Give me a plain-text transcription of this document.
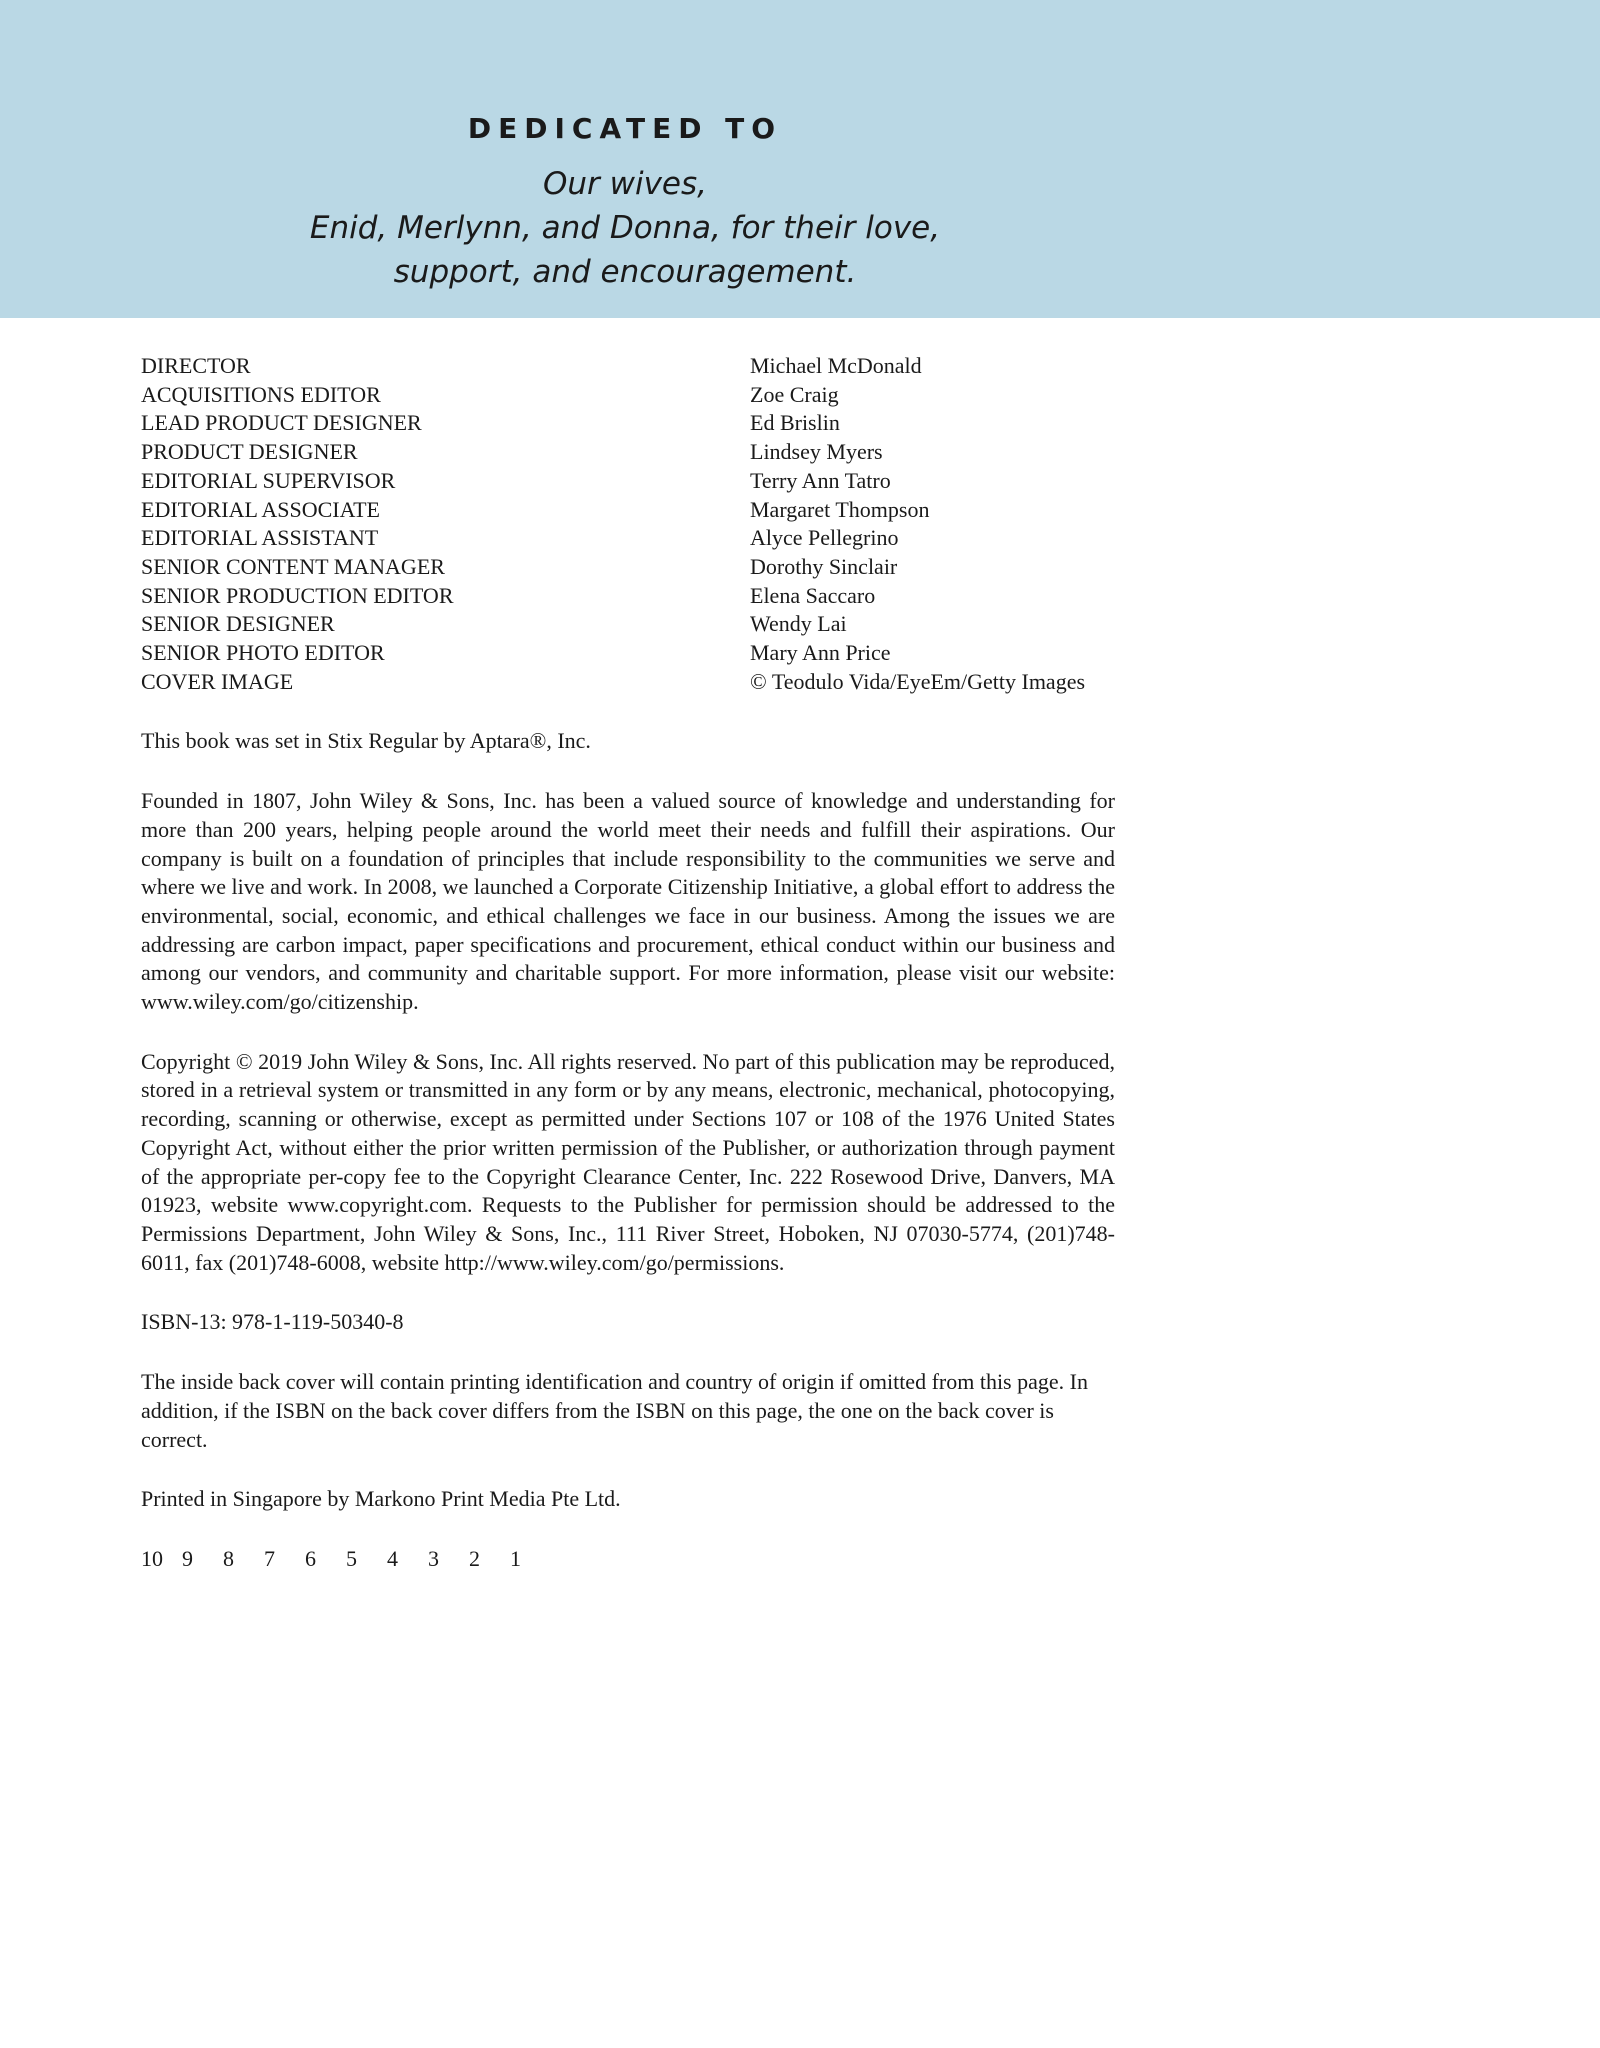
DEDICATED TO
Our wives,
Enid, Merlynn, and Donna, for their love,
support, and encouragement.
DIRECTOR	Michael McDonald
ACQUISITIONS EDITOR	Zoe Craig
LEAD PRODUCT DESIGNER	Ed Brislin
PRODUCT DESIGNER	Lindsey Myers
EDITORIAL SUPERVISOR	Terry Ann Tatro
EDITORIAL ASSOCIATE	Margaret Thompson
EDITORIAL ASSISTANT	Alyce Pellegrino
SENIOR CONTENT MANAGER	Dorothy Sinclair
SENIOR PRODUCTION EDITOR	Elena Saccaro
SENIOR DESIGNER	Wendy Lai
SENIOR PHOTO EDITOR	Mary Ann Price
COVER IMAGE	© Teodulo Vida/EyeEm/Getty Images

This book was set in Stix Regular by Aptara®, Inc.

Founded in 1807, John Wiley & Sons, Inc. has been a valued source of knowledge and understanding for more than 200 years, helping people around the world meet their needs and fulfill their aspirations. Our company is built on a foundation of principles that include responsibility to the communities we serve and where we live and work. In 2008, we launched a Corporate Citizenship Initiative, a global effort to address the environmental, social, economic, and ethical challenges we face in our business. Among the issues we are addressing are carbon impact, paper specifications and procurement, ethical conduct within our business and among our vendors, and community and charitable support. For more information, please visit our website: www.wiley.com/go/citizenship.

Copyright © 2019 John Wiley & Sons, Inc. All rights reserved. No part of this publication may be reproduced, stored in a retrieval system or transmitted in any form or by any means, electronic, mechanical, photocopying, recording, scanning or otherwise, except as permitted under Sections 107 or 108 of the 1976 United States Copyright Act, without either the prior written permission of the Publisher, or authorization through payment of the appropriate per-copy fee to the Copyright Clearance Center, Inc. 222 Rosewood Drive, Danvers, MA 01923, website www.copyright.com. Requests to the Publisher for permission should be addressed to the Permissions Department, John Wiley & Sons, Inc., 111 River Street, Hoboken, NJ 07030-5774, (201)748-6011, fax (201)748-6008, website http://www.wiley.com/​go/permissions.

ISBN-13: 978-1-119-50340-8

The inside back cover will contain printing identification and country of origin if omitted from this page. In addition, if the ISBN on the back cover differs from the ISBN on this page, the one on the back cover is correct.

Printed in Singapore by Markono Print Media Pte Ltd.

10 9	8	7	6	5	4	3	2	1
